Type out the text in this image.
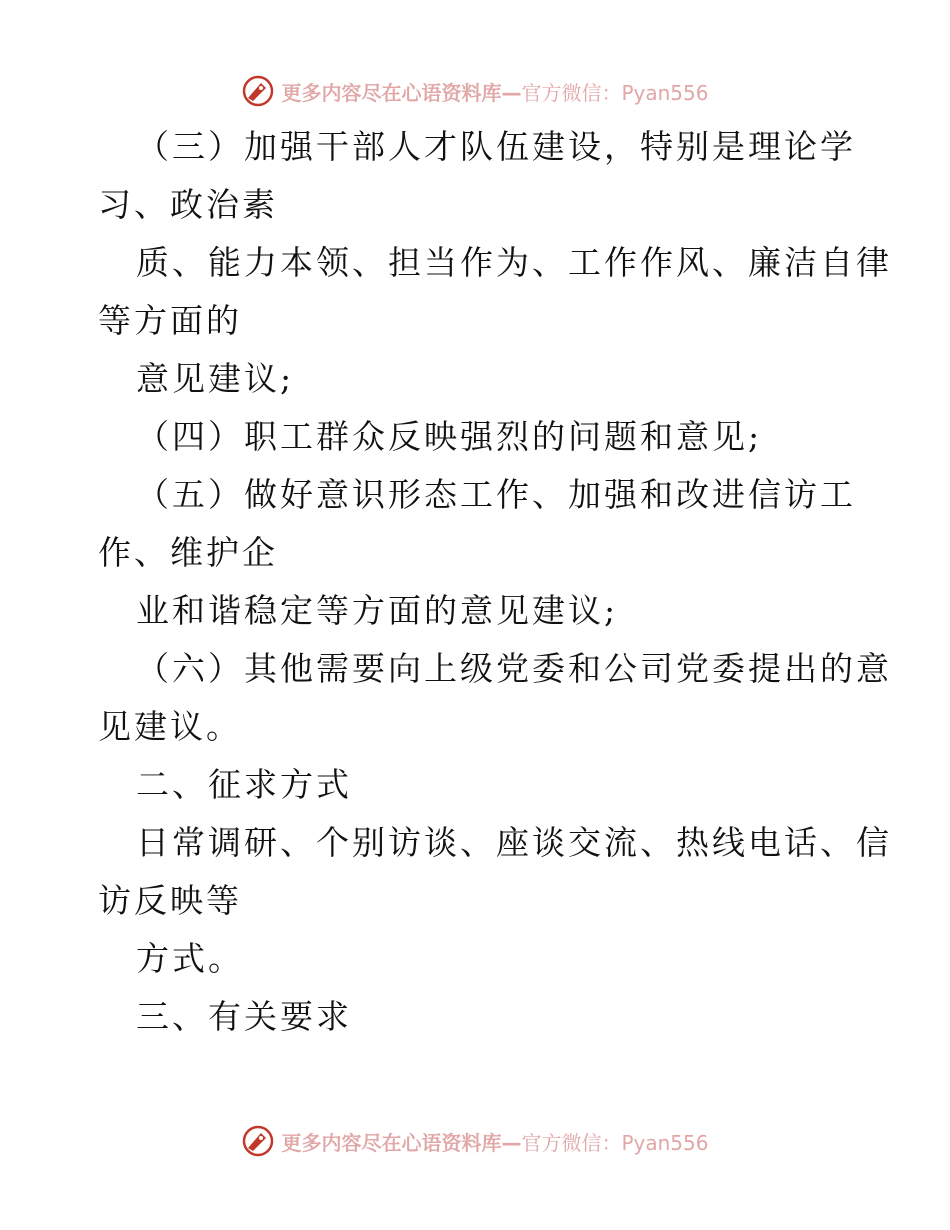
更多内容尽在心语资料库—官方微信：Pyan556
（三）加强干部人才队伍建设，特别是理论学
习、政治素
质、能力本领、担当作为、工作作风、廉洁自律
等方面的
意见建议;
（四）职工群众反映强烈的问题和意见;
（五）做好意识形态工作、加强和改进信访工
作、维护企
业和谐稳定等方面的意见建议;
（六）其他需要向上级党委和公司党委提出的意
见建议。
二、征求方式
日常调研、个别访谈、座谈交流、热线电话、信
访反映等
方式。
三、有关要求
更多内容尽在心语资料库—官方微信：Pyan556
